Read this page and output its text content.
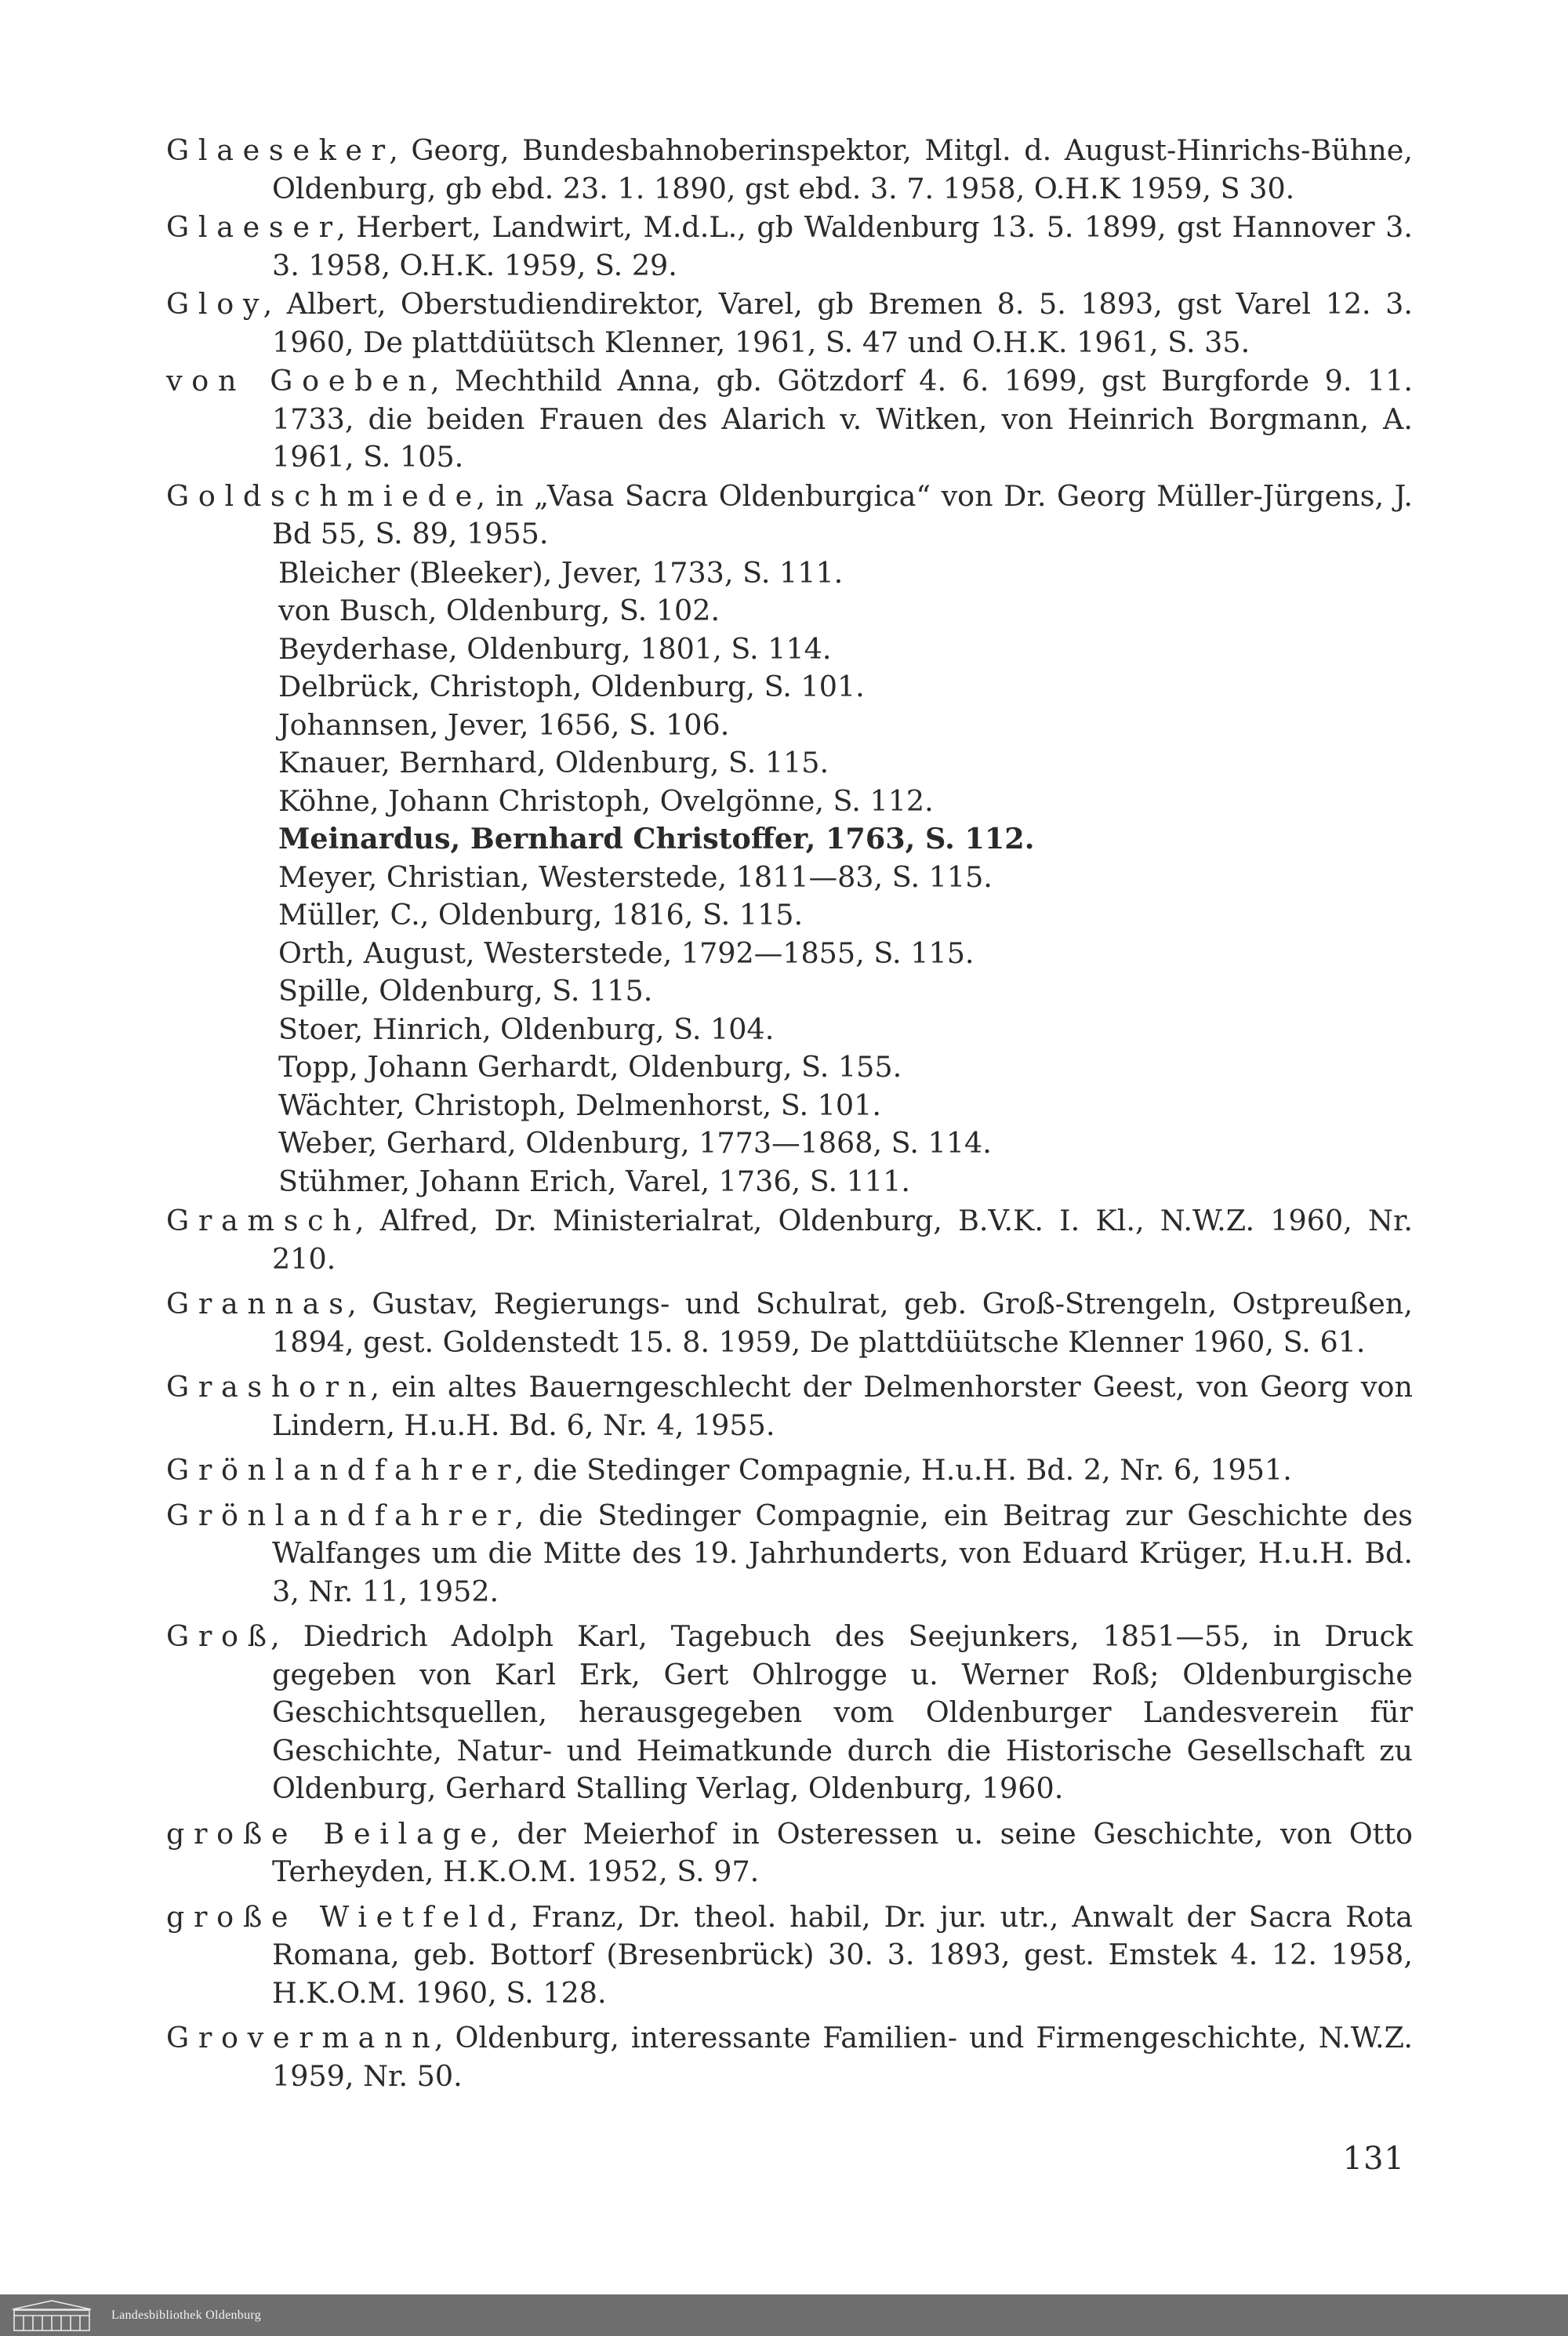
Glaeseker, Georg, Bundesbahnoberinspektor, Mitgl. d. August-Hinrichs-Bühne, Oldenburg, gb ebd. 23. 1. 1890, gst ebd. 3. 7. 1958, O.H.K 1959, S 30.

Glaeser, Herbert, Landwirt, M.d.L., gb Waldenburg 13. 5. 1899, gst Hannover 3. 3. 1958, O.H.K. 1959, S. 29.

Gloy, Albert, Oberstudiendirektor, Varel, gb Bremen 8. 5. 1893, gst Varel 12. 3. 1960, De plattdüütsch Klenner, 1961, S. 47 und O.H.K. 1961, S. 35.

von Goeben, Mechthild Anna, gb. Götzdorf 4. 6. 1699, gst Burgforde 9. 11. 1733, die beiden Frauen des Alarich v. Witken, von Heinrich Borgmann, A. 1961, S. 105.

Goldschmiede, in „Vasa Sacra Oldenburgica“ von Dr. Georg Müller-Jürgens, J. Bd 55, S. 89, 1955.

Bleicher (Bleeker), Jever, 1733, S. 111.
von Busch, Oldenburg, S. 102.
Beyderhase, Oldenburg, 1801, S. 114.
Delbrück, Christoph, Oldenburg, S. 101.
Johannsen, Jever, 1656, S. 106.
Knauer, Bernhard, Oldenburg, S. 115.
Köhne, Johann Christoph, Ovelgönne, S. 112.
Meinardus, Bernhard Christoffer, 1763, S. 112.
Meyer, Christian, Westerstede, 1811—83, S. 115.
Müller, C., Oldenburg, 1816, S. 115.
Orth, August, Westerstede, 1792—1855, S. 115.
Spille, Oldenburg, S. 115.
Stoer, Hinrich, Oldenburg, S. 104.
Topp, Johann Gerhardt, Oldenburg, S. 155.
Wächter, Christoph, Delmenhorst, S. 101.
Weber, Gerhard, Oldenburg, 1773—1868, S. 114.
Stühmer, Johann Erich, Varel, 1736, S. 111.

Gramsch, Alfred, Dr. Ministerialrat, Oldenburg, B.V.K. I. Kl., N.W.Z. 1960, Nr. 210.

Grannas, Gustav, Regierungs- und Schulrat, geb. Groß-Strengeln, Ostpreußen, 1894, gest. Goldenstedt 15. 8. 1959, De plattdüütsche Klenner 1960, S. 61.

Grashorn, ein altes Bauerngeschlecht der Delmenhorster Geest, von Georg von Lindern, H.u.H. Bd. 6, Nr. 4, 1955.

Grönlandfahrer, die Stedinger Compagnie, H.u.H. Bd. 2, Nr. 6, 1951.

Grönlandfahrer, die Stedinger Compagnie, ein Beitrag zur Geschichte des Walfanges um die Mitte des 19. Jahrhunderts, von Eduard Krüger, H.u.H. Bd. 3, Nr. 11, 1952.

Groß, Diedrich Adolph Karl, Tagebuch des Seejunkers, 1851—55, in Druck gegeben von Karl Erk, Gert Ohlrogge u. Werner Roß; Oldenburgische Geschichtsquellen, herausgegeben vom Oldenburger Landesverein für Geschichte, Natur- und Heimatkunde durch die Historische Gesellschaft zu Oldenburg, Gerhard Stalling Verlag, Oldenburg, 1960.

große Beilage, der Meierhof in Osteressen u. seine Geschichte, von Otto Terheyden, H.K.O.M. 1952, S. 97.

große Wietfeld, Franz, Dr. theol. habil, Dr. jur. utr., Anwalt der Sacra Rota Romana, geb. Bottorf (Bresenbrück) 30. 3. 1893, gest. Emstek 4. 12. 1958, H.K.O.M. 1960, S. 128.

Grovermann, Oldenburg, interessante Familien- und Firmengeschichte, N.W.Z. 1959, Nr. 50.

131
Landesbibliothek Oldenburg
